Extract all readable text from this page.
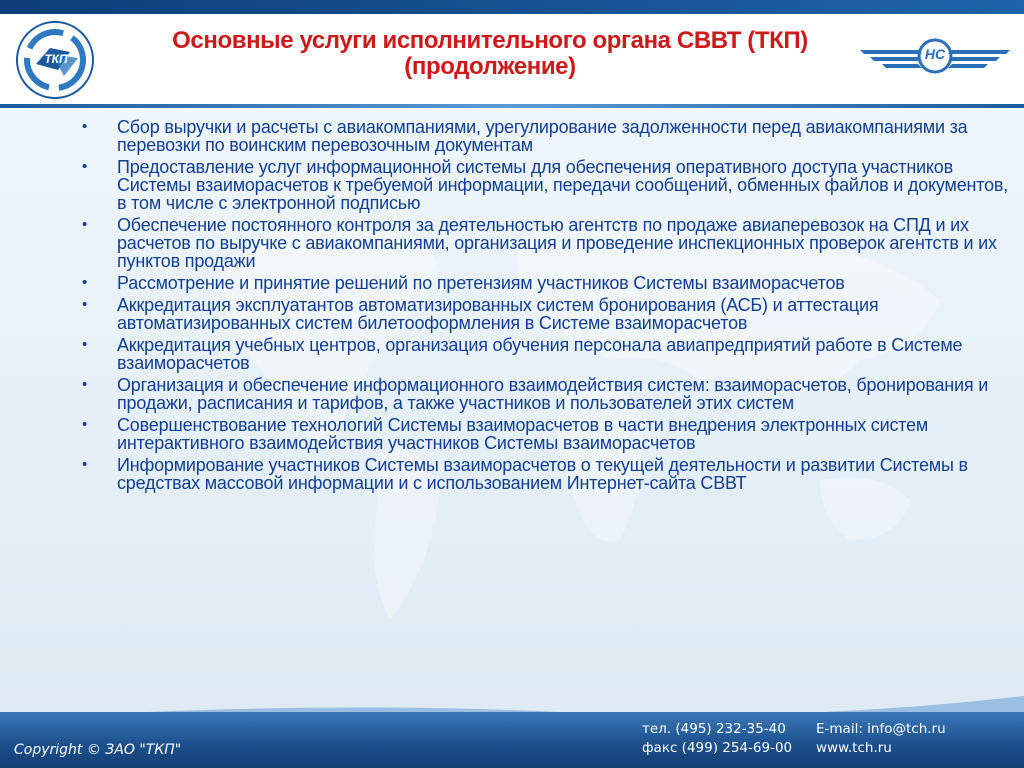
ТКП	НС
Основные услуги исполнительного органа СВВТ (ТКП)
(продолжение)
• Сбор выручки и расчеты с авиакомпаниями, урегулирование задолженности перед авиакомпаниями за перевозки по воинским перевозочным документам
• Предоставление услуг информационной системы для обеспечения оперативного доступа участников Системы взаиморасчетов к требуемой информации, передачи сообщений, обменных файлов и документов, в том числе с электронной подписью
• Обеспечение постоянного контроля за деятельностью агентств по продаже авиаперевозок на СПД и их расчетов по выручке с авиакомпаниями, организация и проведение инспекционных проверок агентств и их пунктов продажи
• Рассмотрение и принятие решений по претензиям участников Системы взаиморасчетов
• Аккредитация эксплуатантов автоматизированных систем бронирования (АСБ) и аттестация автоматизированных систем билетооформления в Системе взаиморасчетов
• Аккредитация учебных центров, организация обучения персонала авиапредприятий работе в Системе взаиморасчетов
• Организация и обеспечение информационного взаимодействия систем: взаиморасчетов, бронирования и продажи, расписания и тарифов, а также участников и пользователей этих систем
• Совершенствование технологий Системы взаиморасчетов в части внедрения электронных систем интерактивного взаимодействия участников Системы взаиморасчетов
• Информирование участников Системы взаиморасчетов о текущей деятельности и развитии Системы в средствах массовой информации и с использованием Интернет-сайта СВВТ
Copyright © ЗАО "ТКП"
тел. (495) 232-35-40 E-mail: info@tch.ru
факс (499) 254-69-00 www.tch.ru
